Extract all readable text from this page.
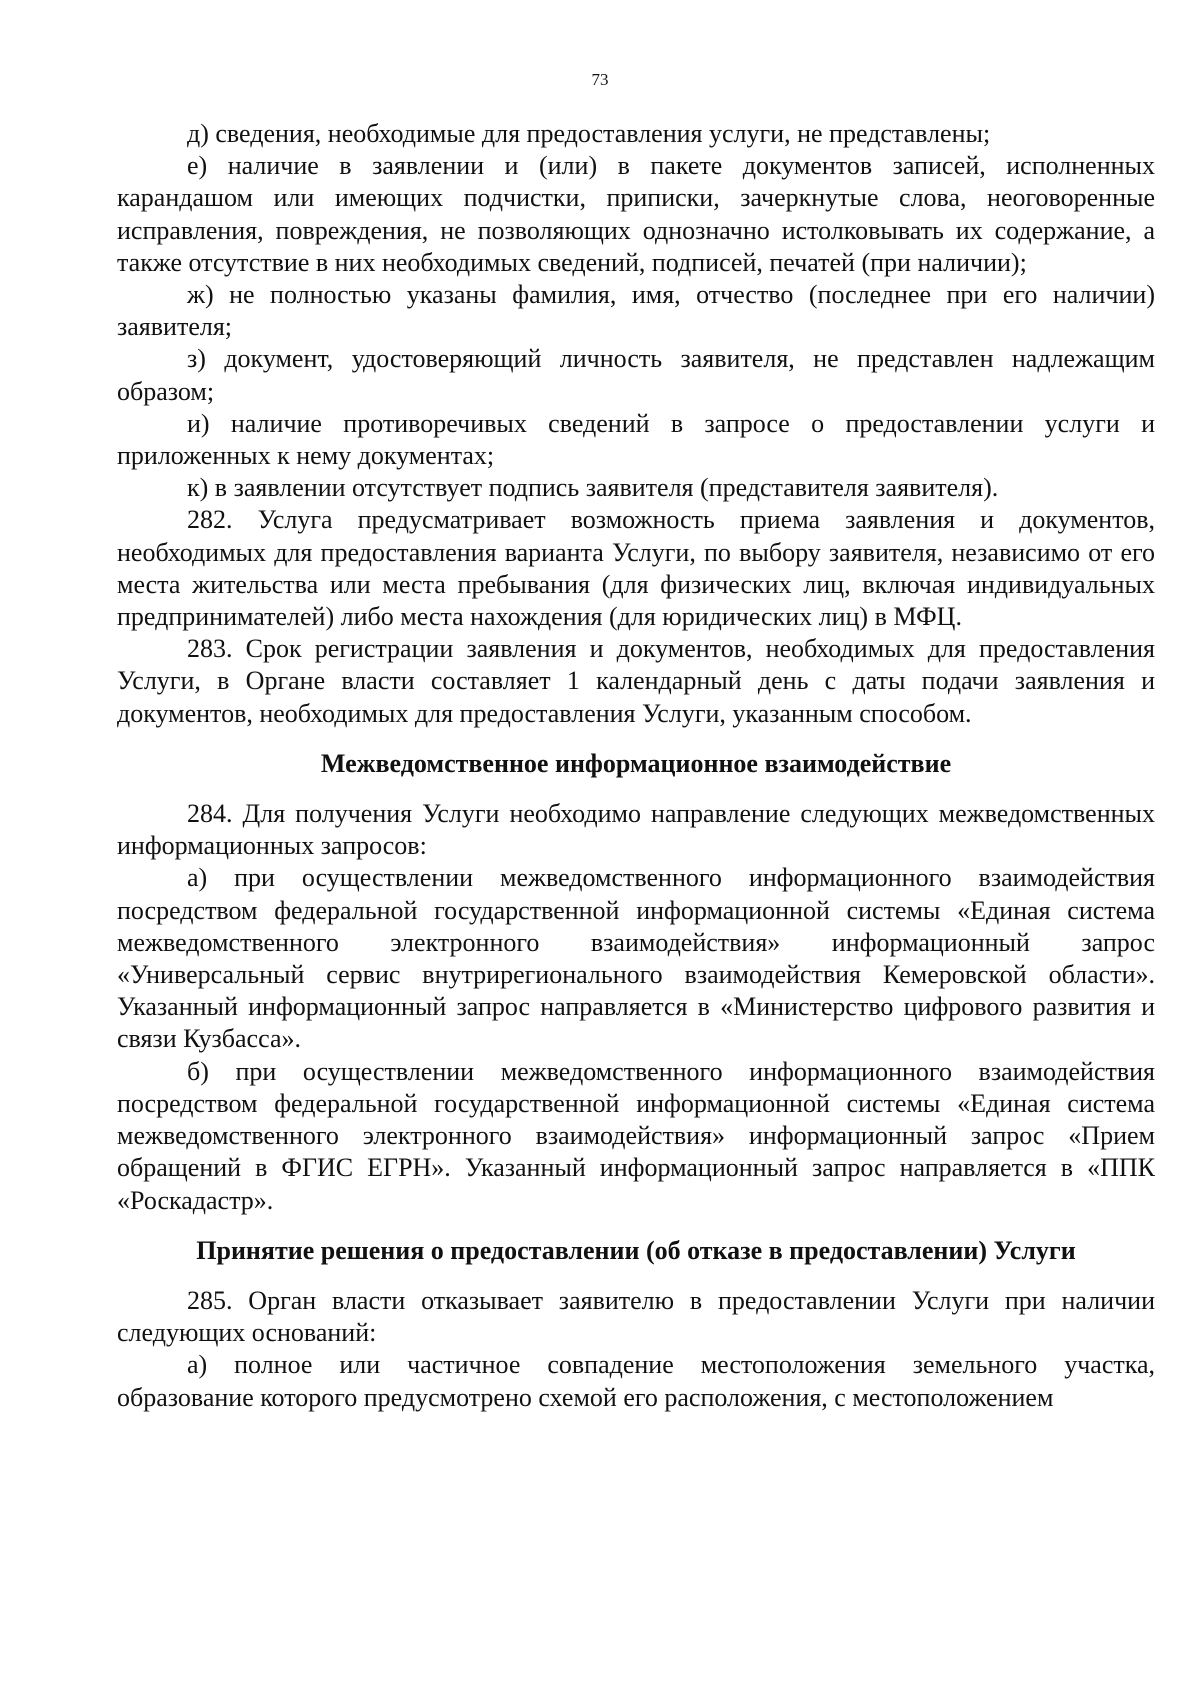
73

д) сведения, необходимые для предоставления услуги, не представлены;

е) наличие в заявлении и (или) в пакете документов записей, исполненных карандашом или имеющих подчистки, приписки, зачеркнутые слова, неоговоренные исправления, повреждения, не позволяющих однозначно истолковывать их содержание, а также отсутствие в них необходимых сведений, подписей, печатей (при наличии);

ж) не полностью указаны фамилия, имя, отчество (последнее при его наличии) заявителя;

з) документ, удостоверяющий личность заявителя, не представлен надлежащим образом;

и) наличие противоречивых сведений в запросе о предоставлении услуги и приложенных к нему документах;

к) в заявлении отсутствует подпись заявителя (представителя заявителя).

282. Услуга предусматривает возможность приема заявления и документов, необходимых для предоставления варианта Услуги, по выбору заявителя, независимо от его места жительства или места пребывания (для физических лиц, включая индивидуальных предпринимателей) либо места нахождения (для юридических лиц) в МФЦ.

283. Срок регистрации заявления и документов, необходимых для предоставления Услуги, в Органе власти составляет 1 календарный день с даты подачи заявления и документов, необходимых для предоставления Услуги, указанным способом.

Межведомственное информационное взаимодействие

284. Для получения Услуги необходимо направление следующих межведомственных информационных запросов:

а) при осуществлении межведомственного информационного взаимодействия посредством федеральной государственной информационной системы «Единая система межведомственного электронного взаимодействия» информационный запрос «Универсальный сервис внутрирегионального взаимодействия Кемеровской области». Указанный информационный запрос направляется в «Министерство цифрового развития и связи Кузбасса».

б) при осуществлении межведомственного информационного взаимодействия посредством федеральной государственной информационной системы «Единая система межведомственного электронного взаимодействия» информационный запрос «Прием обращений в ФГИС ЕГРН». Указанный информационный запрос направляется в «ППК «Роскадастр».

Принятие решения о предоставлении (об отказе в предоставлении) Услуги

285. Орган власти отказывает заявителю в предоставлении Услуги при наличии следующих оснований:

а) полное или частичное совпадение местоположения земельного участка, образование которого предусмотрено схемой его расположения, с местоположением
